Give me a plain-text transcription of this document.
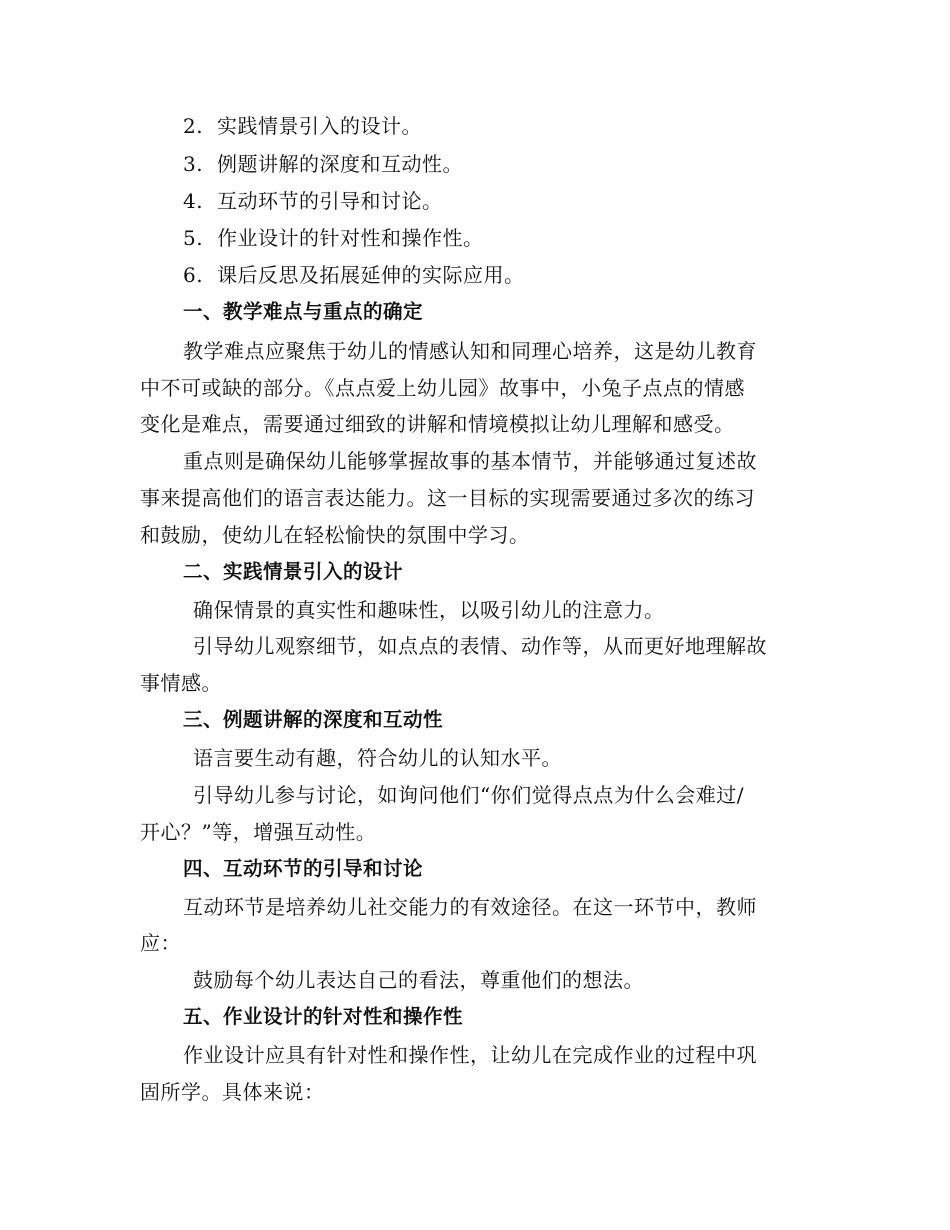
2. 实践情景引入的设计。
3. 例题讲解的深度和互动性。
4. 互动环节的引导和讨论。
5. 作业设计的针对性和操作性。
6. 课后反思及拓展延伸的实际应用。
一、教学难点与重点的确定
教学难点应聚焦于幼儿的情感认知和同理心培养，这是幼儿教育
中不可或缺的部分。《点点爱上幼儿园》故事中，小兔子点点的情感
变化是难点，需要通过细致的讲解和情境模拟让幼儿理解和感受。
重点则是确保幼儿能够掌握故事的基本情节，并能够通过复述故
事来提高他们的语言表达能力。这一目标的实现需要通过多次的练习
和鼓励，使幼儿在轻松愉快的氛围中学习。
二、实践情景引入的设计
确保情景的真实性和趣味性，以吸引幼儿的注意力。
引导幼儿观察细节，如点点的表情、动作等，从而更好地理解故
事情感。
三、例题讲解的深度和互动性
语言要生动有趣，符合幼儿的认知水平。
引导幼儿参与讨论，如询问他们“你们觉得点点为什么会难过/
开心？”等，增强互动性。
四、互动环节的引导和讨论
互动环节是培养幼儿社交能力的有效途径。在这一环节中，教师
应：
鼓励每个幼儿表达自己的看法，尊重他们的想法。
五、作业设计的针对性和操作性
作业设计应具有针对性和操作性，让幼儿在完成作业的过程中巩
固所学。具体来说：
